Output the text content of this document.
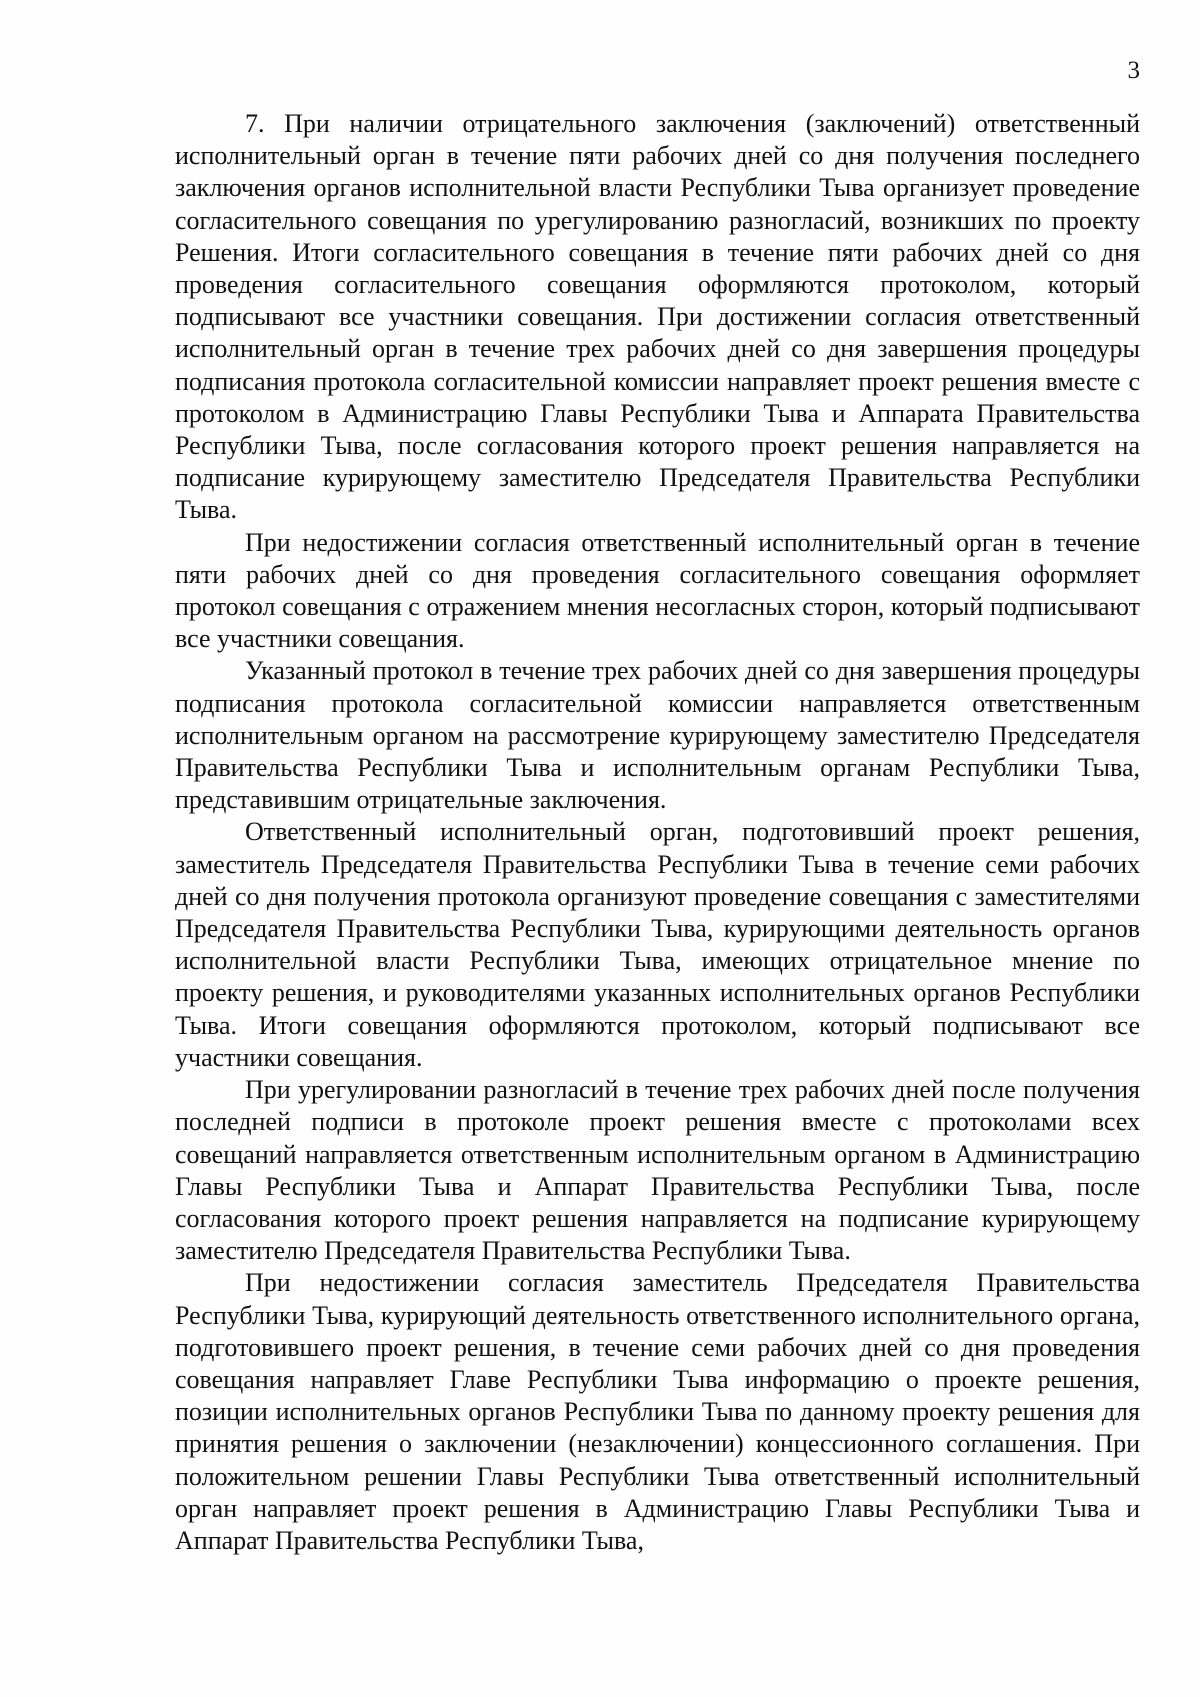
3

7. При наличии отрицательного заключения (заключений) ответственный исполнительный орган в течение пяти рабочих дней со дня получения последнего заключения органов исполнительной власти Республики Тыва организует проведение согласительного совещания по урегулированию разногласий, возникших по проекту Решения. Итоги согласительного совещания в течение пяти рабочих дней со дня проведения согласительного совещания оформляются протоколом, который подписывают все участники совещания. При достижении согласия ответственный исполнительный орган в течение трех рабочих дней со дня завершения процедуры подписания протокола согласительной комиссии направляет проект решения вместе с протоколом в Администрацию Главы Республики Тыва и Аппарата Правительства Республики Тыва, после согласования которого проект решения направляется на подписание курирующему заместителю Председателя Правительства Республики Тыва.

При недостижении согласия ответственный исполнительный орган в течение пяти рабочих дней со дня проведения согласительного совещания оформляет протокол совещания с отражением мнения несогласных сторон, который подписывают все участники совещания.

Указанный протокол в течение трех рабочих дней со дня завершения процедуры подписания протокола согласительной комиссии направляется ответственным исполнительным органом на рассмотрение курирующему заместителю Председателя Правительства Республики Тыва и исполнительным органам Республики Тыва, представившим отрицательные заключения.

Ответственный исполнительный орган, подготовивший проект решения, заместитель Председателя Правительства Республики Тыва в течение семи рабочих дней со дня получения протокола организуют проведение совещания с заместителями Председателя Правительства Республики Тыва, курирующими деятельность органов исполнительной власти Республики Тыва, имеющих отрицательное мнение по проекту решения, и руководителями указанных исполнительных органов Республики Тыва. Итоги совещания оформляются протоколом, который подписывают все участники совещания.

При урегулировании разногласий в течение трех рабочих дней после получения последней подписи в протоколе проект решения вместе с протоколами всех совещаний направляется ответственным исполнительным органом в Администрацию Главы Республики Тыва и Аппарат Правительства Республики Тыва, после согласования которого проект решения направляется на подписание курирующему заместителю Председателя Правительства Республики Тыва.

При недостижении согласия заместитель Председателя Правительства Республики Тыва, курирующий деятельность ответственного исполнительного органа, подготовившего проект решения, в течение семи рабочих дней со дня проведения совещания направляет Главе Республики Тыва информацию о проекте решения, позиции исполнительных органов Республики Тыва по данному проекту решения для принятия решения о заключении (незаключении) концессионного соглашения. При положительном решении Главы Республики Тыва ответственный исполнительный орган направляет проект решения в Администрацию Главы Республики Тыва и Аппарат Правительства Республики Тыва,
